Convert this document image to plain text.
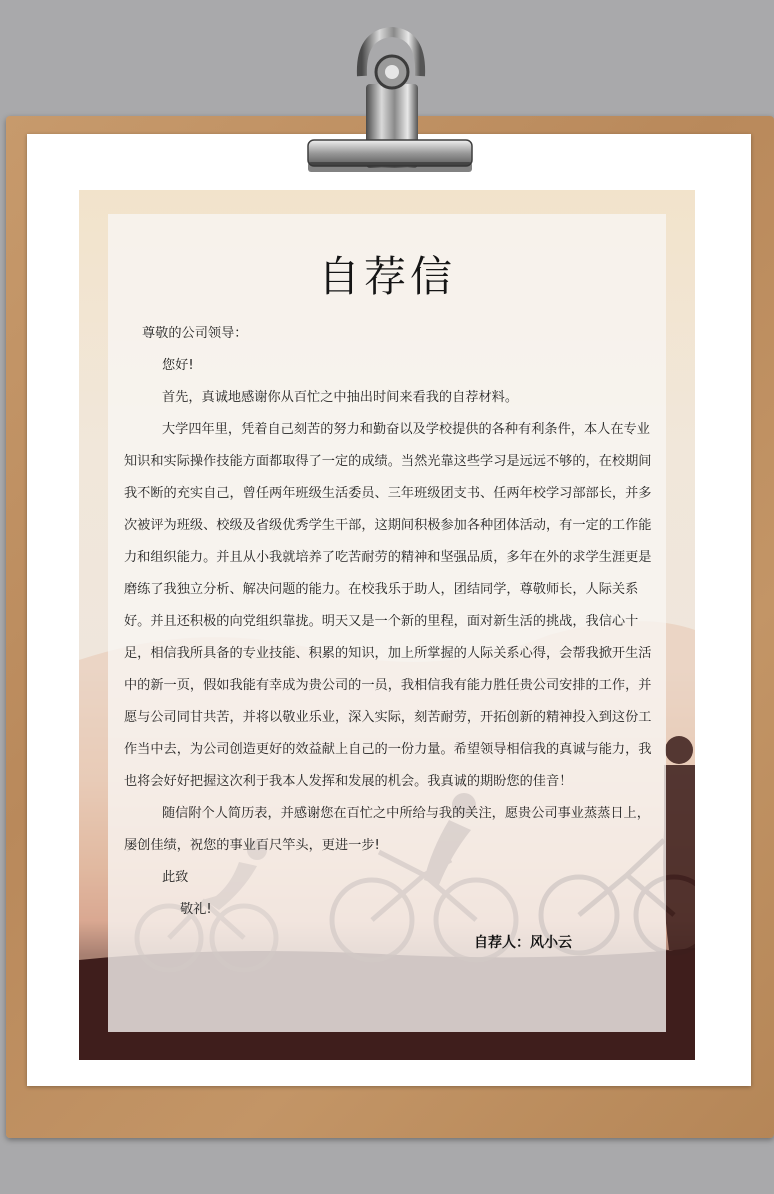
自荐信

尊敬的公司领导：

您好!

首先，真诚地感谢你从百忙之中抽出时间来看我的自荐材料。

大学四年里，凭着自己刻苦的努力和勤奋以及学校提供的各种有利条件，本人在专业知识和实际操作技能方面都取得了一定的成绩。当然光靠这些学习是远远不够的，在校期间我不断的充实自己，曾任两年班级生活委员、三年班级团支书、任两年校学习部部长，并多次被评为班级、校级及省级优秀学生干部，这期间积极参加各种团体活动，有一定的工作能力和组织能力。并且从小我就培养了吃苦耐劳的精神和坚强品质，多年在外的求学生涯更是磨练了我独立分析、解决问题的能力。在校我乐于助人，团结同学，尊敬师长，人际关系好。并且还积极的向党组织靠拢。明天又是一个新的里程，面对新生活的挑战，我信心十足，相信我所具备的专业技能、积累的知识，加上所掌握的人际关系心得，会帮我掀开生活中的新一页，假如我能有幸成为贵公司的一员，我相信我有能力胜任贵公司安排的工作，并愿与公司同甘共苦，并将以敬业乐业，深入实际，刻苦耐劳，开拓创新的精神投入到这份工作当中去，为公司创造更好的效益献上自己的一份力量。希望领导相信我的真诚与能力，我也将会好好把握这次利于我本人发挥和发展的机会。我真诚的期盼您的佳音！

随信附个人简历表，并感谢您在百忙之中所给与我的关注，愿贵公司事业蒸蒸日上，屡创佳绩，祝您的事业百尺竿头，更进一步!

此致

敬礼!

自荐人：风小云
